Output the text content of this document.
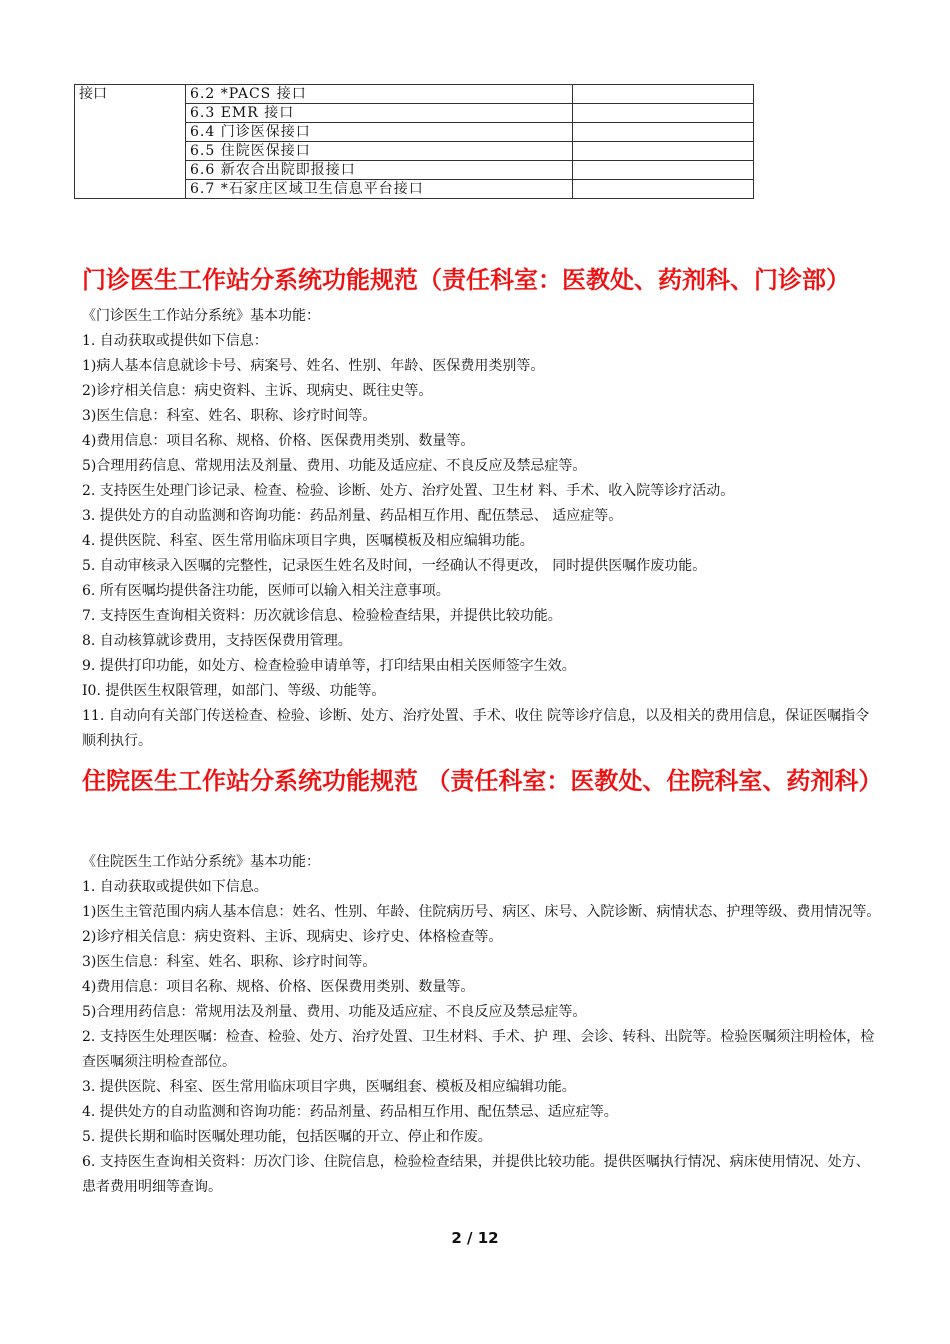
接口	6.2 *PACS 接口	
	6.3 EMR 接口	
	6.4 门诊医保接口	
	6.5 住院医保接口	
	6.6 新农合出院即报接口	
	6.7 *石家庄区域卫生信息平台接口	
门诊医生工作站分系统功能规范（责任科室：医教处、药剂科、门诊部）

《门诊医生工作站分系统》基本功能：

1. 自动获取或提供如下信息：

1)病人基本信息就诊卡号、病案号、姓名、性别、年龄、医保费用类别等。

2)诊疗相关信息：病史资料、主诉、现病史、既往史等。

3)医生信息：科室、姓名、职称、诊疗时间等。

4)费用信息：项目名称、规格、价格、医保费用类别、数量等。

5)合理用药信息、常规用法及剂量、费用、功能及适应症、不良反应及禁忌症等。

2. 支持医生处理门诊记录、检查、检验、诊断、处方、治疗处置、卫生材 料、手术、收入院等诊疗活动。

3. 提供处方的自动监测和咨询功能：药品剂量、药品相互作用、配伍禁忌、 适应症等。

4. 提供医院、科室、医生常用临床项目字典，医嘱模板及相应编辑功能。

5. 自动审核录入医嘱的完整性，记录医生姓名及时间，一经确认不得更改， 同时提供医嘱作废功能。

6. 所有医嘱均提供备注功能，医师可以输入相关注意事项。

7. 支持医生查询相关资料：历次就诊信息、检验检查结果，并提供比较功能。

8. 自动核算就诊费用，支持医保费用管理。

9. 提供打印功能，如处方、检查检验申请单等，打印结果由相关医师签字生效。

I0. 提供医生权限管理，如部门、等级、功能等。

11. 自动向有关部门传送检查、检验、诊断、处方、治疗处置、手术、收住 院等诊疗信息，以及相关的费用信息，保证医嘱指令顺利执行。

住院医生工作站分系统功能规范 （责任科室：医教处、住院科室、药剂科）

《住院医生工作站分系统》基本功能：

1. 自动获取或提供如下信息。

1)医生主管范围内病人基本信息：姓名、性别、年龄、住院病历号、病区、床号、入院诊断、病情状态、护理等级、费用情况等。

2)诊疗相关信息：病史资料、主诉、现病史、诊疗史、体格检查等。

3)医生信息：科室、姓名、职称、诊疗时间等。

4)费用信息：项目名称、规格、价格、医保费用类别、数量等。

5)合理用药信息：常规用法及剂量、费用、功能及适应症、不良反应及禁忌症等。

2. 支持医生处理医嘱：检查、检验、处方、治疗处置、卫生材料、手术、护 理、会诊、转科、出院等。检验医嘱须注明检体，检查医嘱须注明检查部位。

3. 提供医院、科室、医生常用临床项目字典，医嘱组套、模板及相应编辑功能。

4. 提供处方的自动监测和咨询功能：药品剂量、药品相互作用、配伍禁忌、适应症等。

5. 提供长期和临时医嘱处理功能，包括医嘱的开立、停止和作废。

6. 支持医生查询相关资料：历次门诊、住院信息，检验检查结果，并提供比较功能。提供医嘱执行情况、病床使用情况、处方、患者费用明细等查询。

2 / 12
